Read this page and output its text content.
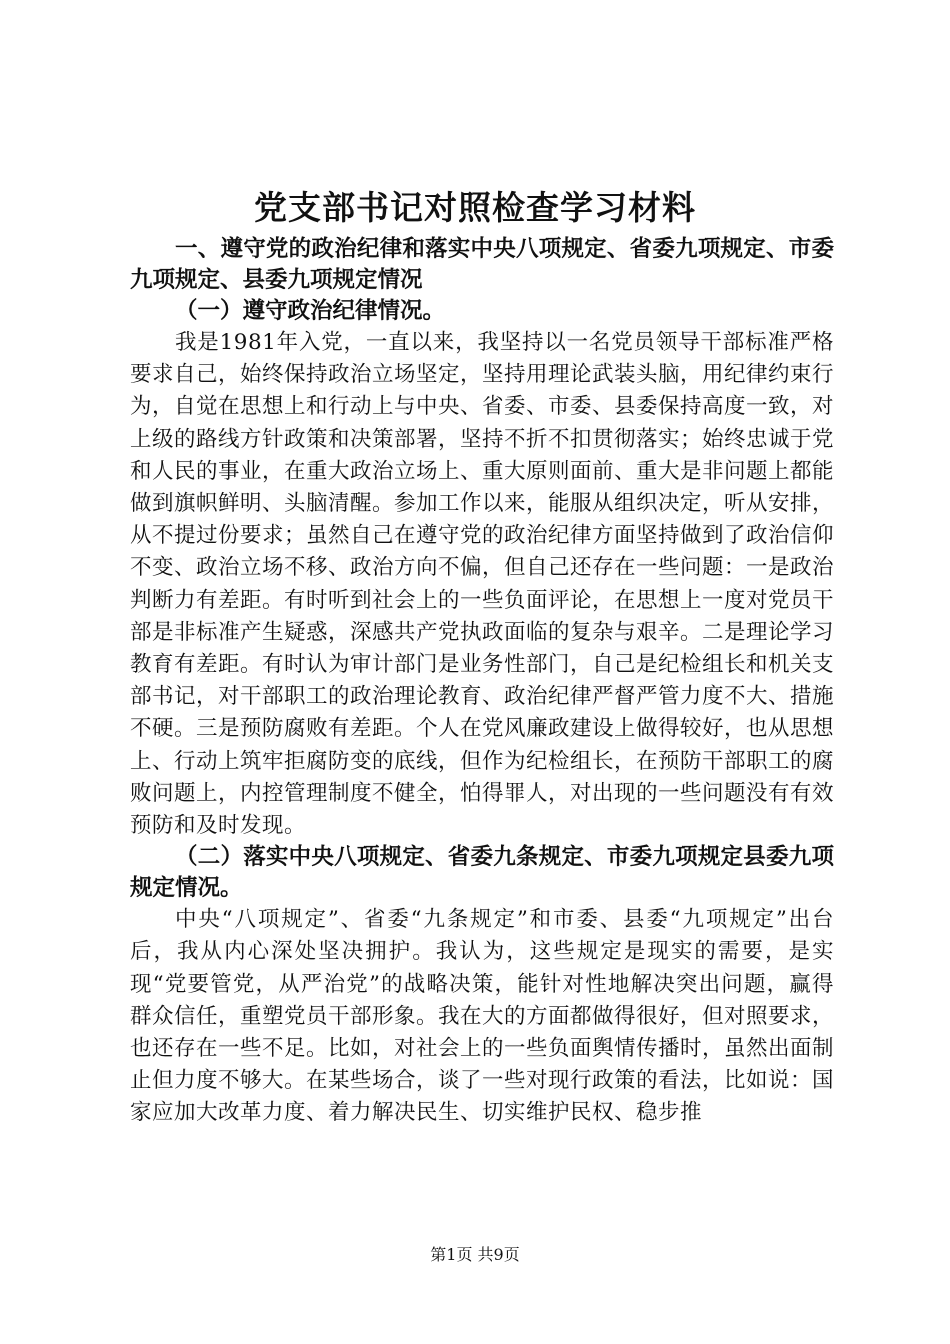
党支部书记对照检查学习材料

一、遵守党的政治纪律和落实中央八项规定、省委九项规定、市委九项规定、县委九项规定情况

（一）遵守政治纪律情况。

我是1981年入党，一直以来，我坚持以一名党员领导干部标准严格要求自己，始终保持政治立场坚定，坚持用理论武装头脑，用纪律约束行为，自觉在思想上和行动上与中央、省委、市委、县委保持高度一致，对上级的路线方针政策和决策部署，坚持不折不扣贯彻落实；始终忠诚于党和人民的事业，在重大政治立场上、重大原则面前、重大是非问题上都能做到旗帜鲜明、头脑清醒。参加工作以来，能服从组织决定，听从安排，从不提过份要求；虽然自己在遵守党的政治纪律方面坚持做到了政治信仰不变、政治立场不移、政治方向不偏，但自己还存在一些问题：一是政治判断力有差距。有时听到社会上的一些负面评论，在思想上一度对党员干部是非标准产生疑惑，深感共产党执政面临的复杂与艰辛。二是理论学习教育有差距。有时认为审计部门是业务性部门，自己是纪检组长和机关支部书记，对干部职工的政治理论教育、政治纪律严督严管力度不大、措施不硬。三是预防腐败有差距。个人在党风廉政建设上做得较好，也从思想上、行动上筑牢拒腐防变的底线，但作为纪检组长，在预防干部职工的腐败问题上，内控管理制度不健全，怕得罪人，对出现的一些问题没有有效预防和及时发现。

（二）落实中央八项规定、省委九条规定、市委九项规定县委九项规定情况。

中央“八项规定”、省委“九条规定”和市委、县委“九项规定”出台后，我从内心深处坚决拥护。我认为，这些规定是现实的需要，是实现“党要管党，从严治党”的战略决策，能针对性地解决突出问题，赢得群众信任，重塑党员干部形象。我在大的方面都做得很好，但对照要求，也还存在一些不足。比如，对社会上的一些负面舆情传播时，虽然出面制止但力度不够大。在某些场合，谈了一些对现行政策的看法，比如说：国家应加大改革力度、着力解决民生、切实维护民权、稳步推

第1页 共9页
